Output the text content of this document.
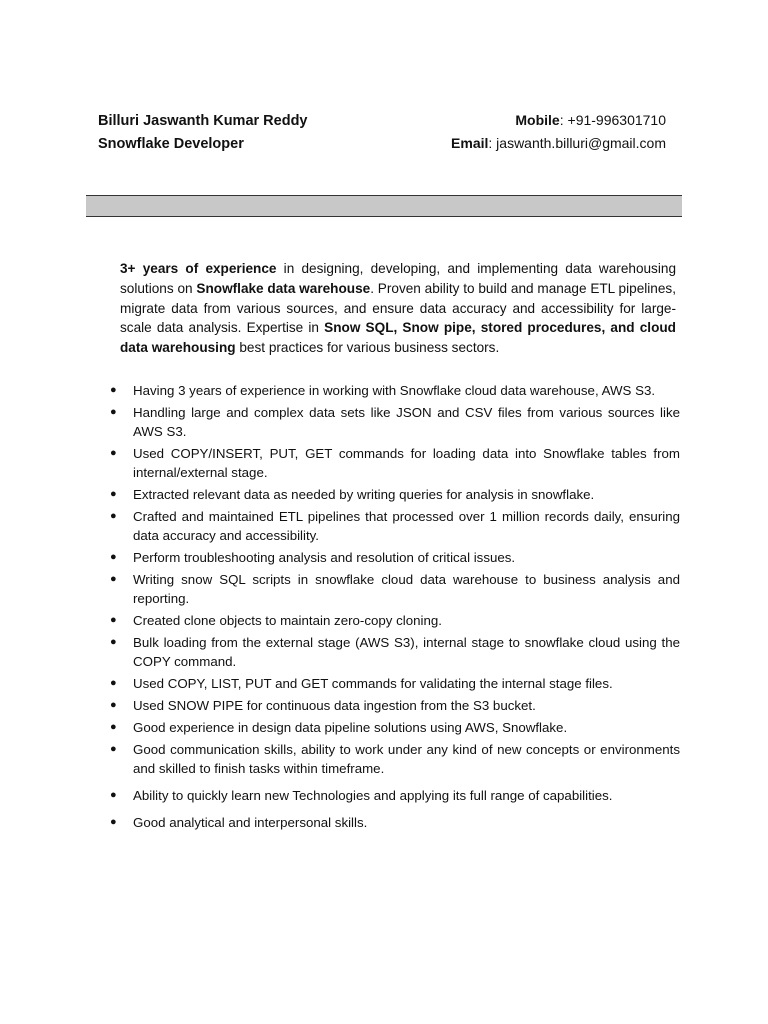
Billuri Jaswanth Kumar Reddy	Mobile: +91-996301710
Snowflake Developer	Email: jaswanth.billuri@gmail.com
3+ years of experience in designing, developing, and implementing data warehousing solutions on Snowflake data warehouse. Proven ability to build and manage ETL pipelines, migrate data from various sources, and ensure data accuracy and accessibility for large-scale data analysis. Expertise in Snow SQL, Snow pipe, stored procedures, and cloud data warehousing best practices for various business sectors.
● Having 3 years of experience in working with Snowflake cloud data warehouse, AWS S3.
● Handling large and complex data sets like JSON and CSV files from various sources like AWS S3.
● Used COPY/INSERT, PUT, GET commands for loading data into Snowflake tables from internal/external stage.
● Extracted relevant data as needed by writing queries for analysis in snowflake.
● Crafted and maintained ETL pipelines that processed over 1 million records daily, ensuring data accuracy and accessibility.
● Perform troubleshooting analysis and resolution of critical issues.
● Writing snow SQL scripts in snowflake cloud data warehouse to business analysis and reporting.
● Created clone objects to maintain zero-copy cloning.
● Bulk loading from the external stage (AWS S3), internal stage to snowflake cloud using the COPY command.
● Used COPY, LIST, PUT and GET commands for validating the internal stage files.
● Used SNOW PIPE for continuous data ingestion from the S3 bucket.
● Good experience in design data pipeline solutions using AWS, Snowflake.
● Good communication skills, ability to work under any kind of new concepts or environments and skilled to finish tasks within timeframe.
● Ability to quickly learn new Technologies and applying its full range of capabilities.
● Good analytical and interpersonal skills.
